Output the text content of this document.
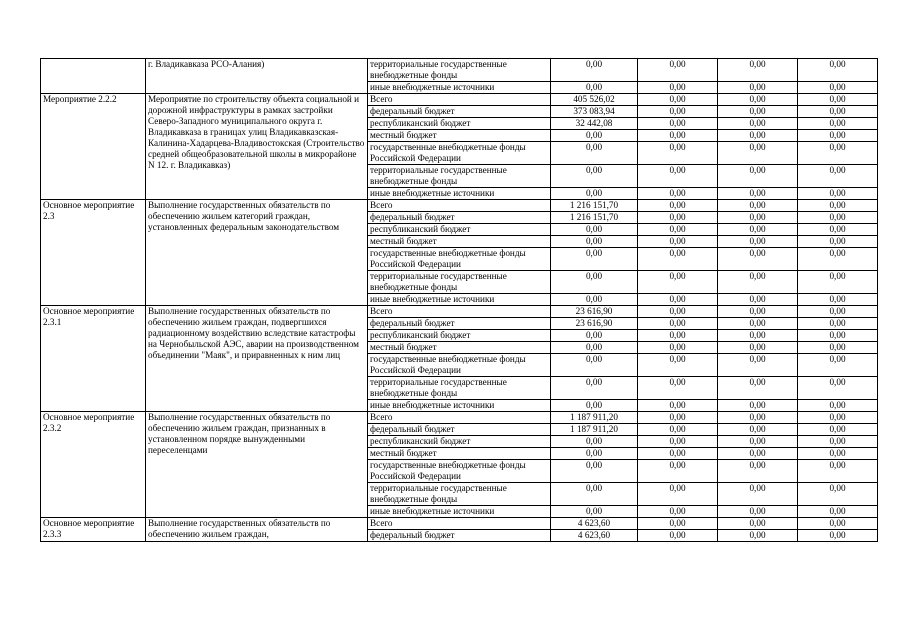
	г. Владикавказа РСО-Алания)	территориальные государственные внебюджетные фонды	0,00	0,00	0,00	0,00
		иные внебюджетные источники	0,00	0,00	0,00	0,00
Мероприятие 2.2.2	Мероприятие по строительству объекта социальной и дорожной инфраструктуры в рамках застройки Северо-Западного муниципального округа г. Владикавказа в границах улиц Владикавказская-Калинина-Хадарцева-Владивостокская (Строительство средней общеобразовательной школы в микрорайоне N 12. г. Владикавказ)	Всего	405 526,02	0,00	0,00	0,00
		федеральный бюджет	373 083,94	0,00	0,00	0,00
		республиканский бюджет	32 442,08	0,00	0,00	0,00
		местный бюджет	0,00	0,00	0,00	0,00
		государственные внебюджетные фонды Российской Федерации	0,00	0,00	0,00	0,00
		территориальные государственные внебюджетные фонды	0,00	0,00	0,00	0,00
		иные внебюджетные источники	0,00	0,00	0,00	0,00
Основное мероприятие 2.3	Выполнение государственных обязательств по обеспечению жильем категорий граждан, установленных федеральным законодательством	Всего	1 216 151,70	0,00	0,00	0,00
		федеральный бюджет	1 216 151,70	0,00	0,00	0,00
		республиканский бюджет	0,00	0,00	0,00	0,00
		местный бюджет	0,00	0,00	0,00	0,00
		государственные внебюджетные фонды Российской Федерации	0,00	0,00	0,00	0,00
		территориальные государственные внебюджетные фонды	0,00	0,00	0,00	0,00
		иные внебюджетные источники	0,00	0,00	0,00	0,00
Основное мероприятие 2.3.1	Выполнение государственных обязательств по обеспечению жильем граждан, подвергшихся радиационному воздействию вследствие катастрофы на Чернобыльской АЭС, аварии на производственном объединении "Маяк", и приравненных к ним лиц	Всего	23 616,90	0,00	0,00	0,00
		федеральный бюджет	23 616,90	0,00	0,00	0,00
		республиканский бюджет	0,00	0,00	0,00	0,00
		местный бюджет	0,00	0,00	0,00	0,00
		государственные внебюджетные фонды Российской Федерации	0,00	0,00	0,00	0,00
		территориальные государственные внебюджетные фонды	0,00	0,00	0,00	0,00
		иные внебюджетные источники	0,00	0,00	0,00	0,00
Основное мероприятие 2.3.2	Выполнение государственных обязательств по обеспечению жильем граждан, признанных в установленном порядке вынужденными переселенцами	Всего	1 187 911,20	0,00	0,00	0,00
		федеральный бюджет	1 187 911,20	0,00	0,00	0,00
		республиканский бюджет	0,00	0,00	0,00	0,00
		местный бюджет	0,00	0,00	0,00	0,00
		государственные внебюджетные фонды Российской Федерации	0,00	0,00	0,00	0,00
		территориальные государственные внебюджетные фонды	0,00	0,00	0,00	0,00
		иные внебюджетные источники	0,00	0,00	0,00	0,00
Основное мероприятие 2.3.3	Выполнение государственных обязательств по обеспечению жильем граждан,	Всего	4 623,60	0,00	0,00	0,00
		федеральный бюджет	4 623,60	0,00	0,00	0,00
